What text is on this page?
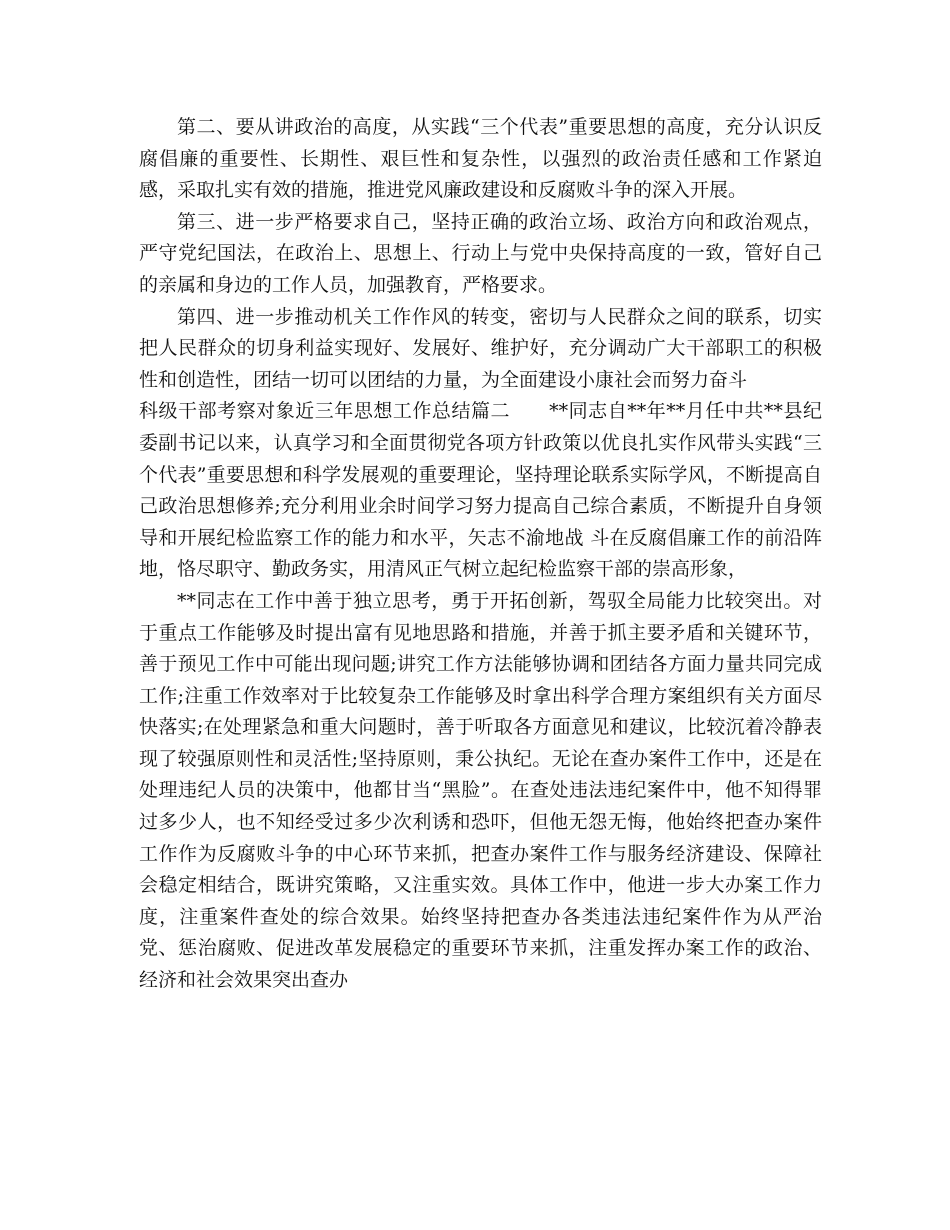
第二、要从讲政治的高度，从实践“三个代表”重要思想的高度，充分认识反腐倡廉的重要性、长期性、艰巨性和复杂性，以强烈的政治责任感和工作紧迫感，采取扎实有效的措施，推进党风廉政建设和反腐败斗争的深入开展。

第三、进一步严格要求自己，坚持正确的政治立场、政治方向和政治观点，严守党纪国法，在政治上、思想上、行动上与党中央保持高度的一致，管好自己的亲属和身边的工作人员，加强教育，严格要求。

第四、进一步推动机关工作作风的转变，密切与人民群众之间的联系，切实把人民群众的切身利益实现好、发展好、维护好，充分调动广大干部职工的积极性和创造性，团结一切可以团结的力量，为全面建设小康社会而努力奋斗

科级干部考察对象近三年思想工作总结篇二　　**同志自**年**月任中共**县纪委副书记以来，认真学习和全面贯彻党各项方针政策以优良扎实作风带头实践“三个代表”重要思想和科学发展观的重要理论，坚持理论联系实际学风，不断提高自己政治思想修养;充分利用业余时间学习努力提高自己综合素质，不断提升自身领导和开展纪检监察工作的能力和水平，矢志不渝地战 斗在反腐倡廉工作的前沿阵地，恪尽职守、勤政务实，用清风正气树立起纪检监察干部的崇高形象，

**同志在工作中善于独立思考，勇于开拓创新，驾驭全局能力比较突出。对于重点工作能够及时提出富有见地思路和措施，并善于抓主要矛盾和关键环节，善于预见工作中可能出现问题;讲究工作方法能够协调和团结各方面力量共同完成工作;注重工作效率对于比较复杂工作能够及时拿出科学合理方案组织有关方面尽快落实;在处理紧急和重大问题时，善于听取各方面意见和建议，比较沉着冷静表现了较强原则性和灵活性;坚持原则，秉公执纪。无论在查办案件工作中，还是在处理违纪人员的决策中，他都甘当“黑脸”。在查处违法违纪案件中，他不知得罪过多少人，也不知经受过多少次利诱和恐吓，但他无怨无悔，他始终把查办案件工作作为反腐败斗争的中心环节来抓，把查办案件工作与服务经济建设、保障社会稳定相结合，既讲究策略，又注重实效。具体工作中，他进一步大办案工作力度，注重案件查处的综合效果。始终坚持把查办各类违法违纪案件作为从严治党、惩治腐败、促进改革发展稳定的重要环节来抓，注重发挥办案工作的政治、经济和社会效果突出查办
